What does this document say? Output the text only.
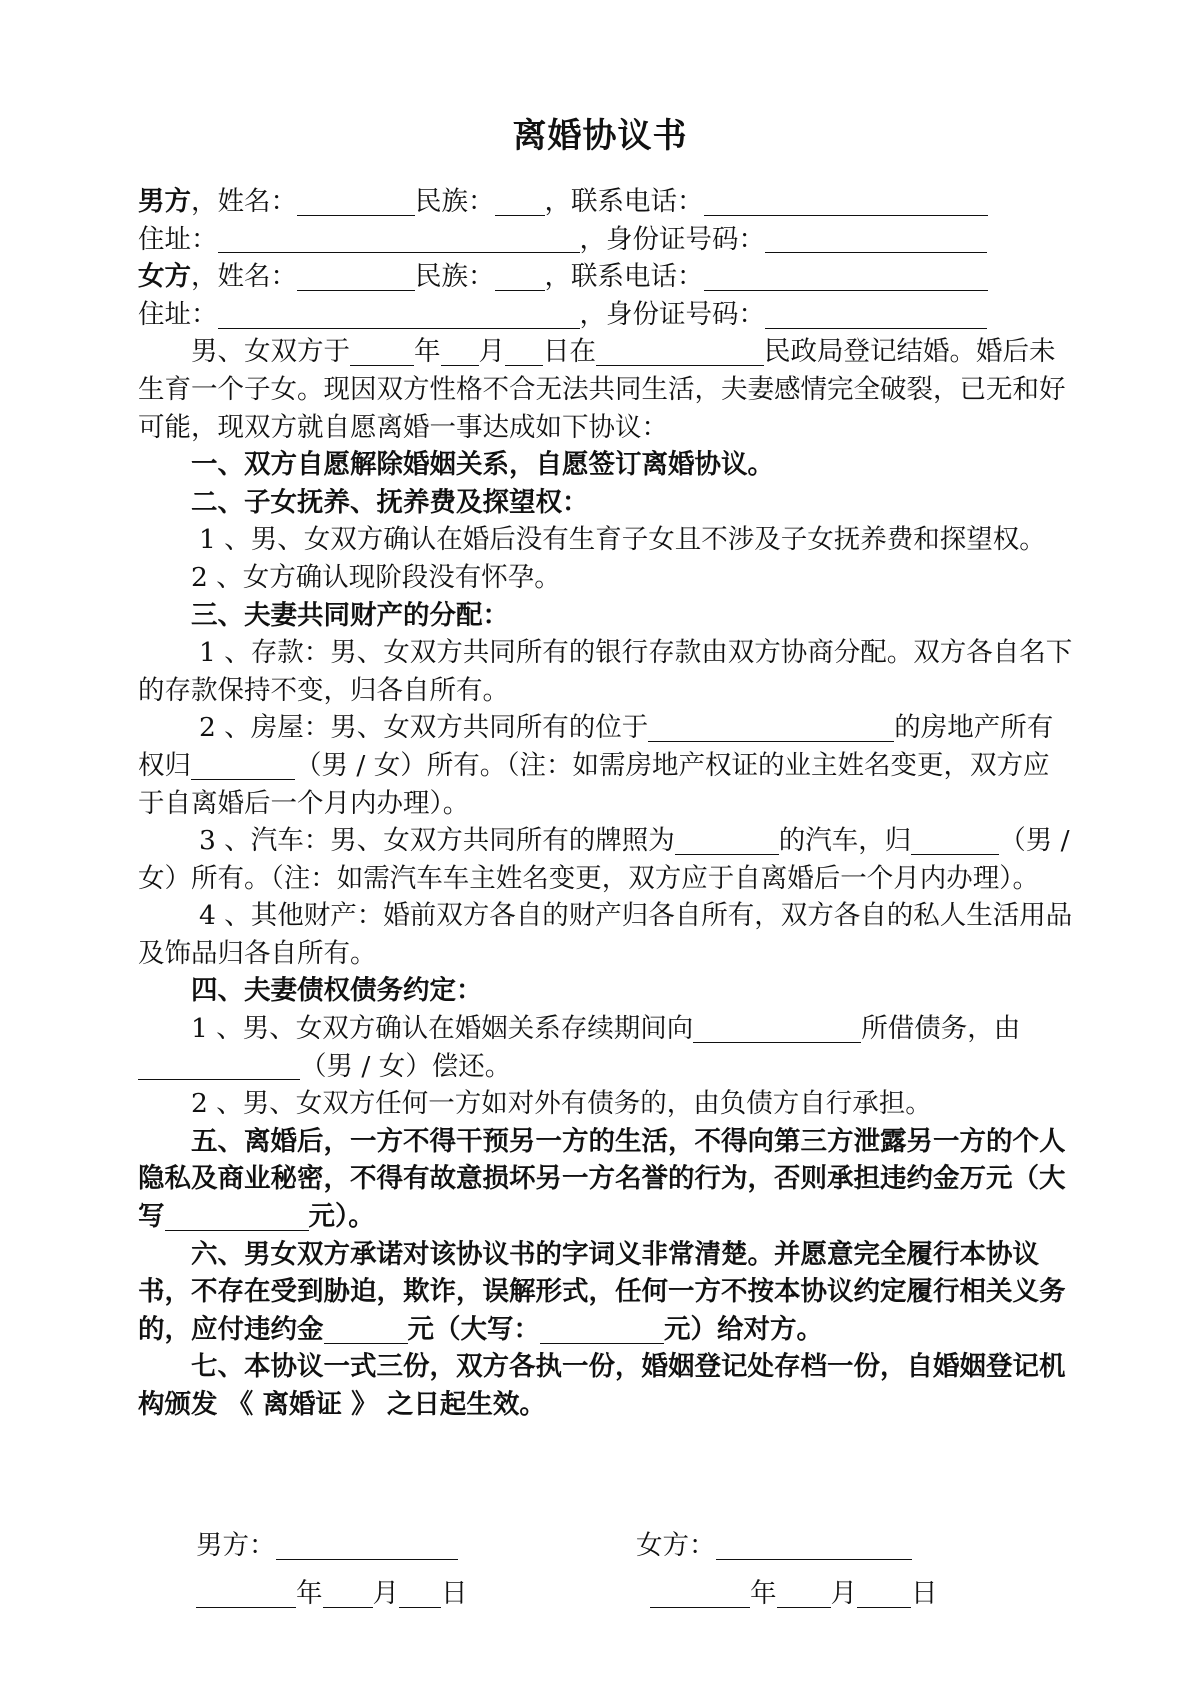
离婚协议书

男方，姓名：	民族： ，联系电话：

住址：	，身份证号码：

女方，姓名：	民族： ，联系电话：

住址：	，身份证号码：

男、女双方于 年 月 日在	民政局登记结婚。婚后未生育一个子女。现因双方性格不合无法共同生活，夫妻感情完全破裂，已无和好可能，现双方就自愿离婚一事达成如下协议：

一、双方自愿解除婚姻关系，自愿签订离婚协议。

二、子女抚养、抚养费及探望权：

1 、男、女双方确认在婚后没有生育子女且不涉及子女抚养费和探望权。

2 、女方确认现阶段没有怀孕。

三、夫妻共同财产的分配：

1 、存款：男、女双方共同所有的银行存款由双方协商分配。双方各自名下的存款保持不变，归各自所有。

2 、房屋：男、女双方共同所有的位于	的房地产所有权归	（男 / 女）所有。（注：如需房地产权证的业主姓名变更，双方应于自离婚后一个月内办理）。

3 、汽车：男、女双方共同所有的牌照为	的汽车，归	（男 / 女）所有。（注：如需汽车车主姓名变更，双方应于自离婚后一个月内办理）。

4 、其他财产：婚前双方各自的财产归各自所有，双方各自的私人生活用品及饰品归各自所有。

四、夫妻债权债务约定：

1 、男、女双方确认在婚姻关系存续期间向	所借债务，由（男 / 女）偿还。

2 、男、女双方任何一方如对外有债务的，由负债方自行承担。

五、离婚后，一方不得干预另一方的生活，不得向第三方泄露另一方的个人隐私及商业秘密，不得有故意损坏另一方名誉的行为，否则承担违约金万元（大写	元）。

六、男女双方承诺对该协议书的字词义非常清楚。并愿意完全履行本协议书，不存在受到胁迫，欺诈，误解形式，任何一方不按本协议约定履行相关义务的，应付违约金	元（大写：	元）给对方。

七、本协议一式三份，双方各执一份，婚姻登记处存档一份，自婚姻登记机构颁发 《 离婚证 》 之日起生效。

男方：
年 月 日
女方：
年 月 日
